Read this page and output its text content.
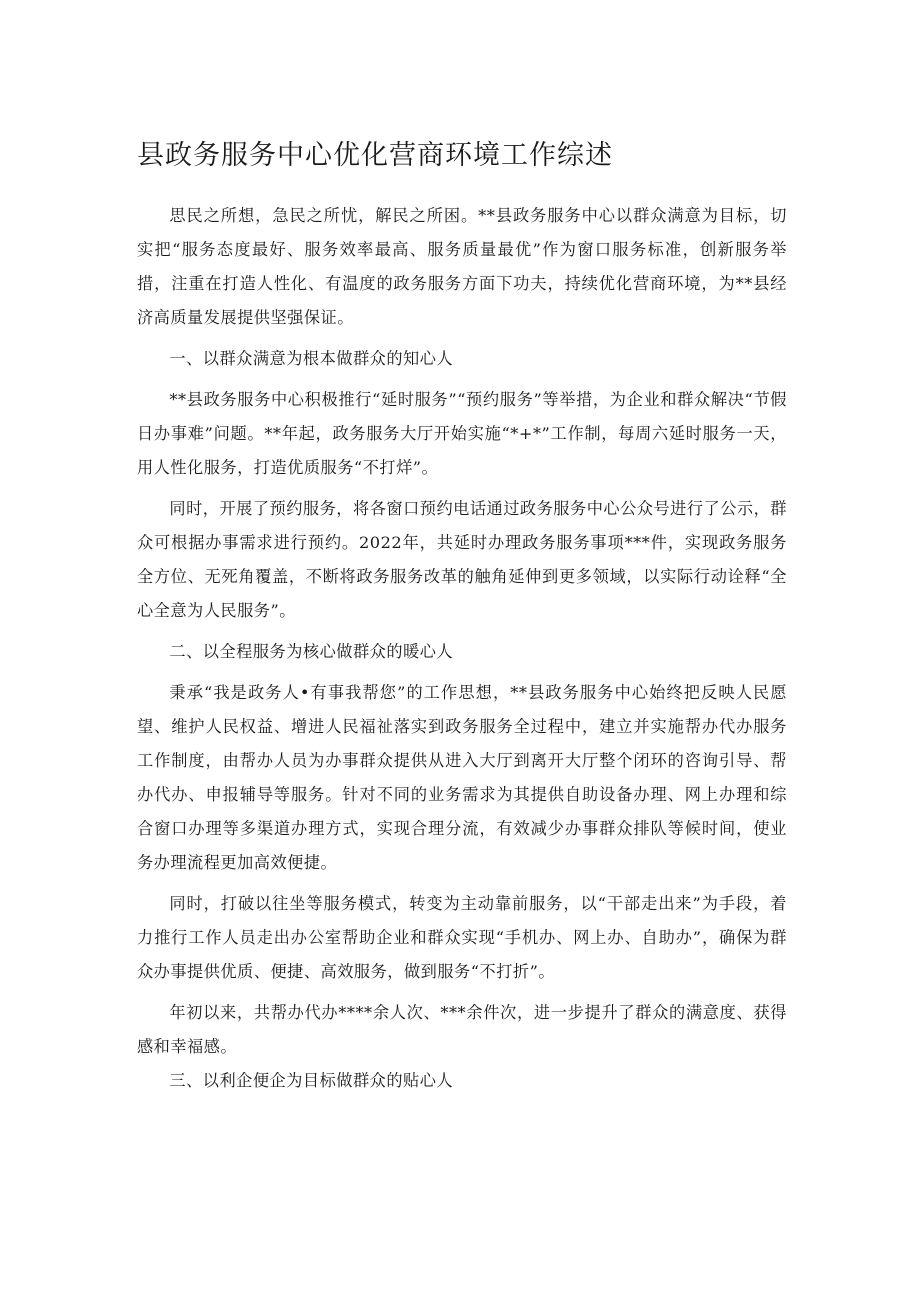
县政务服务中心优化营商环境工作综述

思民之所想，急民之所忧，解民之所困。**县政务服务中心以群众满意为目标，切实把“服务态度最好、服务效率最高、服务质量最优”作为窗口服务标准，创新服务举措，注重在打造人性化、有温度的政务服务方面下功夫，持续优化营商环境，为**县经济高质量发展提供坚强保证。

一、以群众满意为根本做群众的知心人

**县政务服务中心积极推行“延时服务”“预约服务”等举措，为企业和群众解决“节假日办事难”问题。**年起，政务服务大厅开始实施“*+*”工作制，每周六延时服务一天，用人性化服务，打造优质服务“不打烊”。

同时，开展了预约服务，将各窗口预约电话通过政务服务中心公众号进行了公示，群众可根据办事需求进行预约。2022年，共延时办理政务服务事项***件，实现政务服务全方位、无死角覆盖，不断将政务服务改革的触角延伸到更多领域，以实际行动诠释“全心全意为人民服务”。

二、以全程服务为核心做群众的暖心人

秉承“我是政务人•有事我帮您”的工作思想，**县政务服务中心始终把反映人民愿望、维护人民权益、增进人民福祉落实到政务服务全过程中，建立并实施帮办代办服务工作制度，由帮办人员为办事群众提供从进入大厅到离开大厅整个闭环的咨询引导、帮办代办、申报辅导等服务。针对不同的业务需求为其提供自助设备办理、网上办理和综合窗口办理等多渠道办理方式，实现合理分流，有效减少办事群众排队等候时间，使业务办理流程更加高效便捷。

同时，打破以往坐等服务模式，转变为主动靠前服务，以“干部走出来”为手段，着力推行工作人员走出办公室帮助企业和群众实现“手机办、网上办、自助办”，确保为群众办事提供优质、便捷、高效服务，做到服务“不打折”。

年初以来，共帮办代办****余人次、***余件次，进一步提升了群众的满意度、获得感和幸福感。

三、以利企便企为目标做群众的贴心人
